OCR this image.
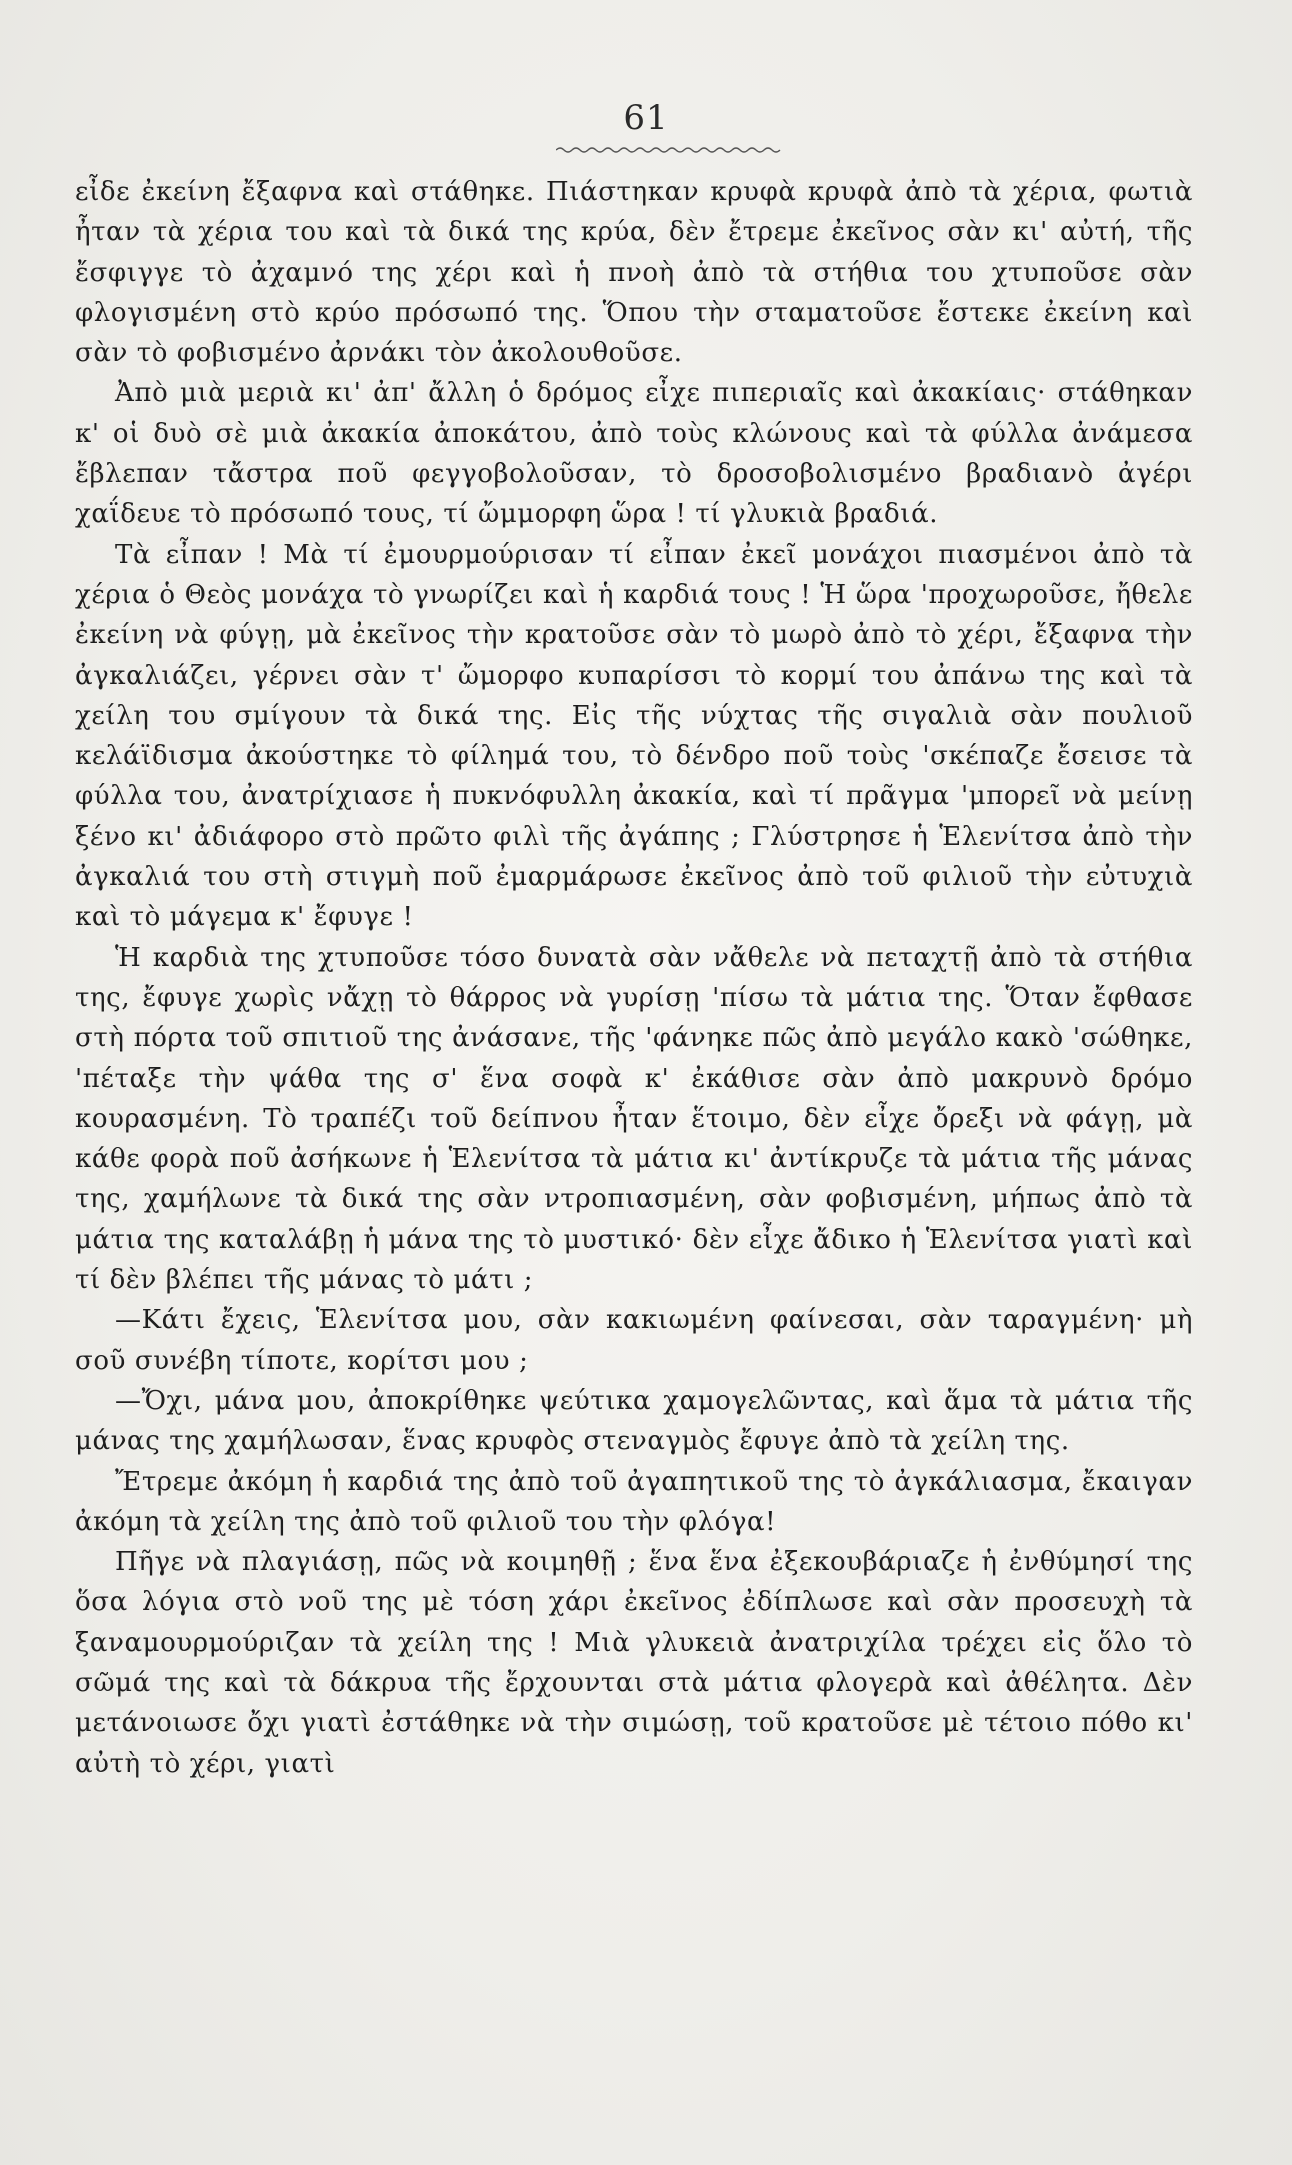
61

εἶδε ἐκείνη ἔξαφνα καὶ στάθηκε. Πιάστηκαν κρυφὰ κρυφὰ ἀπὸ τὰ χέρια, φωτιὰ ἦταν τὰ χέρια του καὶ τὰ δικά της κρύα, δὲν ἔτρεμε ἐκεῖνος σὰν κι' αὐτή, τῆς ἔσφιγγε τὸ ἀχαμνό της χέρι καὶ ἡ πνοὴ ἀπὸ τὰ στήθια του χτυποῦσε σὰν φλογισμένη στὸ κρύο πρόσωπό της. Ὅπου τὴν σταματοῦσε ἔστεκε ἐκείνη καὶ σὰν τὸ φοβισμένο ἀρνάκι τὸν ἀκολουθοῦσε.

Ἀπὸ μιὰ μεριὰ κι' ἀπ' ἄλλη ὁ δρόμος εἶχε πιπεριαῖς καὶ ἀκακίαις· στάθηκαν κ' οἱ δυὸ σὲ μιὰ ἀκακία ἀποκάτου, ἀπὸ τοὺς κλώνους καὶ τὰ φύλλα ἀνάμεσα ἔβλεπαν τἄστρα ποῦ φεγγοβολοῦσαν, τὸ δροσοβολισμένο βραδιανὸ ἀγέρι χαΐδευε τὸ πρόσωπό τους, τί ὤμμορφη ὥρα ! τί γλυκιὰ βραδιά.

Τὰ εἶπαν ! Μὰ τί ἐμουρμούρισαν τί εἶπαν ἐκεῖ μονάχοι πιασμένοι ἀπὸ τὰ χέρια ὁ Θεὸς μονάχα τὸ γνωρίζει καὶ ἡ καρδιά τους ! Ἡ ὥρα 'προχωροῦσε, ἤθελε ἐκείνη νὰ φύγῃ, μὰ ἐκεῖνος τὴν κρατοῦσε σὰν τὸ μωρὸ ἀπὸ τὸ χέρι, ἔξαφνα τὴν ἀγκαλιάζει, γέρνει σὰν τ' ὤμορφο κυπαρίσσι τὸ κορμί του ἀπάνω της καὶ τὰ χείλη του σμίγουν τὰ δικά της. Εἰς τῆς νύχτας τῆς σιγαλιὰ σὰν πουλιοῦ κελάϊδισμα ἀκούστηκε τὸ φίλημά του, τὸ δένδρο ποῦ τοὺς 'σκέπαζε ἔσεισε τὰ φύλλα του, ἀνατρίχιασε ἡ πυκνόφυλλη ἀκακία, καὶ τί πρᾶγμα 'μπορεῖ νὰ μείνῃ ξένο κι' ἀδιάφορο στὸ πρῶτο φιλὶ τῆς ἀγάπης ; Γλύστρησε ἡ Ἑλενίτσα ἀπὸ τὴν ἀγκαλιά του στὴ στιγμὴ ποῦ ἐμαρμάρωσε ἐκεῖνος ἀπὸ τοῦ φιλιοῦ τὴν εὐτυχιὰ καὶ τὸ μάγεμα κ' ἔφυγε !

Ἡ καρδιὰ της χτυποῦσε τόσο δυνατὰ σὰν νἄθελε νὰ πεταχτῇ ἀπὸ τὰ στήθια της, ἔφυγε χωρὶς νἄχῃ τὸ θάρρος νὰ γυρίσῃ 'πίσω τὰ μάτια της. Ὅταν ἔφθασε στὴ πόρτα τοῦ σπιτιοῦ της ἀνάσανε, τῆς 'φάνηκε πῶς ἀπὸ μεγάλο κακὸ 'σώθηκε, 'πέταξε τὴν ψάθα της σ' ἕνα σοφὰ κ' ἐκάθισε σὰν ἀπὸ μακρυνὸ δρόμο κουρασμένη. Τὸ τραπέζι τοῦ δείπνου ἦταν ἕτοιμο, δὲν εἶχε ὄρεξι νὰ φάγῃ, μὰ κάθε φορὰ ποῦ ἀσήκωνε ἡ Ἑλενίτσα τὰ μάτια κι' ἀντίκρυζε τὰ μάτια τῆς μάνας της, χαμήλωνε τὰ δικά της σὰν ντροπιασμένη, σὰν φοβισμένη, μήπως ἀπὸ τὰ μάτια της καταλάβῃ ἡ μάνα της τὸ μυστικό· δὲν εἶχε ἄδικο ἡ Ἑλενίτσα γιατὶ καὶ τί δὲν βλέπει τῆς μάνας τὸ μάτι ;

—Κάτι ἔχεις, Ἑλενίτσα μου, σὰν κακιωμένη φαίνεσαι, σὰν ταραγμένη· μὴ σοῦ συνέβη τίποτε, κορίτσι μου ;

—Ὄχι, μάνα μου, ἀποκρίθηκε ψεύτικα χαμογελῶντας, καὶ ἅμα τὰ μάτια τῆς μάνας της χαμήλωσαν, ἕνας κρυφὸς στεναγμὸς ἔφυγε ἀπὸ τὰ χείλη της.

Ἔτρεμε ἀκόμη ἡ καρδιά της ἀπὸ τοῦ ἀγαπητικοῦ της τὸ ἀγκάλιασμα, ἔκαιγαν ἀκόμη τὰ χείλη της ἀπὸ τοῦ φιλιοῦ του τὴν φλόγα!

Πῆγε νὰ πλαγιάσῃ, πῶς νὰ κοιμηθῇ ; ἕνα ἕνα ἐξεκουβάριαζε ἡ ἐνθύμησί της ὅσα λόγια στὸ νοῦ της μὲ τόση χάρι ἐκεῖνος ἐδίπλωσε καὶ σὰν προσευχὴ τὰ ξαναμουρμούριζαν τὰ χείλη της ! Μιὰ γλυκειὰ ἀνατριχίλα τρέχει εἰς ὅλο τὸ σῶμά της καὶ τὰ δάκρυα τῆς ἔρχουνται στὰ μάτια φλογερὰ καὶ ἀθέλητα. Δὲν μετάνοιωσε ὄχι γιατὶ ἐστάθηκε νὰ τὴν σιμώσῃ, τοῦ κρατοῦσε μὲ τέτοιο πόθο κι' αὐτὴ τὸ χέρι, γιατὶ
